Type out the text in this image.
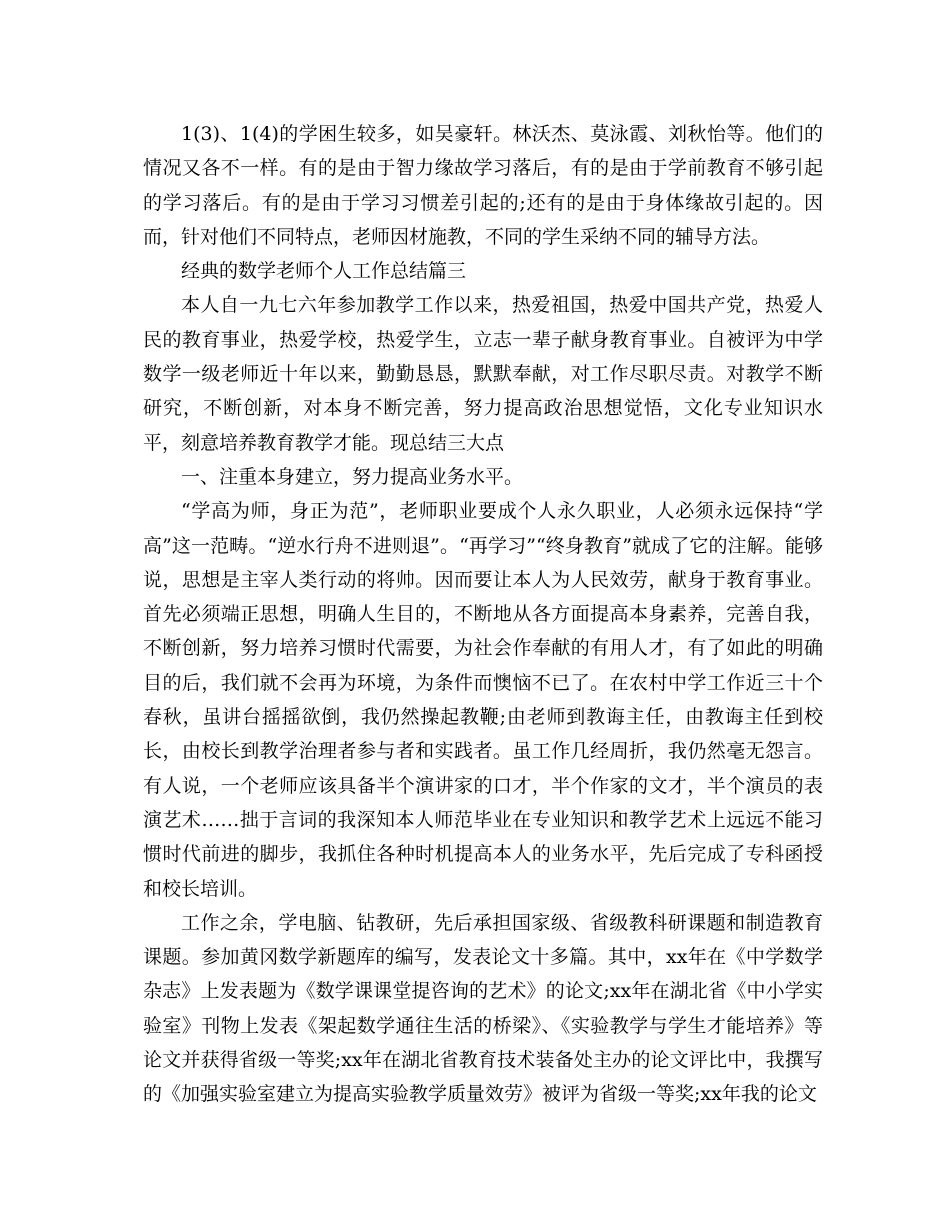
1(3)、1(4)的学困生较多，如吴豪轩。林沃杰、莫泳霞、刘秋怡等。他们的情况又各不一样。有的是由于智力缘故学习落后，有的是由于学前教育不够引起的学习落后。有的是由于学习习惯差引起的;还有的是由于身体缘故引起的。因而，针对他们不同特点，老师因材施教，不同的学生采纳不同的辅导方法。

经典的数学老师个人工作总结篇三

本人自一九七六年参加教学工作以来，热爱祖国，热爱中国共产党，热爱人民的教育事业，热爱学校，热爱学生，立志一辈子献身教育事业。自被评为中学数学一级老师近十年以来，勤勤恳恳，默默奉献，对工作尽职尽责。对教学不断研究，不断创新，对本身不断完善，努力提高政治思想觉悟，文化专业知识水平，刻意培养教育教学才能。现总结三大点

一、注重本身建立，努力提高业务水平。

“学高为师，身正为范”，老师职业要成个人永久职业，人必须永远保持“学高”这一范畴。“逆水行舟不进则退”。“再学习”“终身教育”就成了它的注解。能够说，思想是主宰人类行动的将帅。因而要让本人为人民效劳，献身于教育事业。首先必须端正思想，明确人生目的，不断地从各方面提高本身素养，完善自我，不断创新，努力培养习惯时代需要，为社会作奉献的有用人才，有了如此的明确目的后，我们就不会再为环境，为条件而懊恼不已了。在农村中学工作近三十个春秋，虽讲台摇摇欲倒，我仍然操起教鞭;由老师到教诲主任，由教诲主任到校长，由校长到教学治理者参与者和实践者。虽工作几经周折，我仍然毫无怨言。有人说，一个老师应该具备半个演讲家的口才，半个作家的文才，半个演员的表演艺术……拙于言词的我深知本人师范毕业在专业知识和教学艺术上远远不能习惯时代前进的脚步，我抓住各种时机提高本人的业务水平，先后完成了专科函授和校长培训。

工作之余，学电脑、钻教研，先后承担国家级、省级教科研课题和制造教育课题。参加黄冈数学新题库的编写，发表论文十多篇。其中，xx年在《中学数学杂志》上发表题为《数学课课堂提咨询的艺术》的论文;xx年在湖北省《中小学实验室》刊物上发表《架起数学通往生活的桥梁》、《实验教学与学生才能培养》等论文并获得省级一等奖;xx年在湖北省教育技术装备处主办的论文评比中，我撰写的《加强实验室建立为提高实验教学质量效劳》被评为省级一等奖;xx年我的论文
